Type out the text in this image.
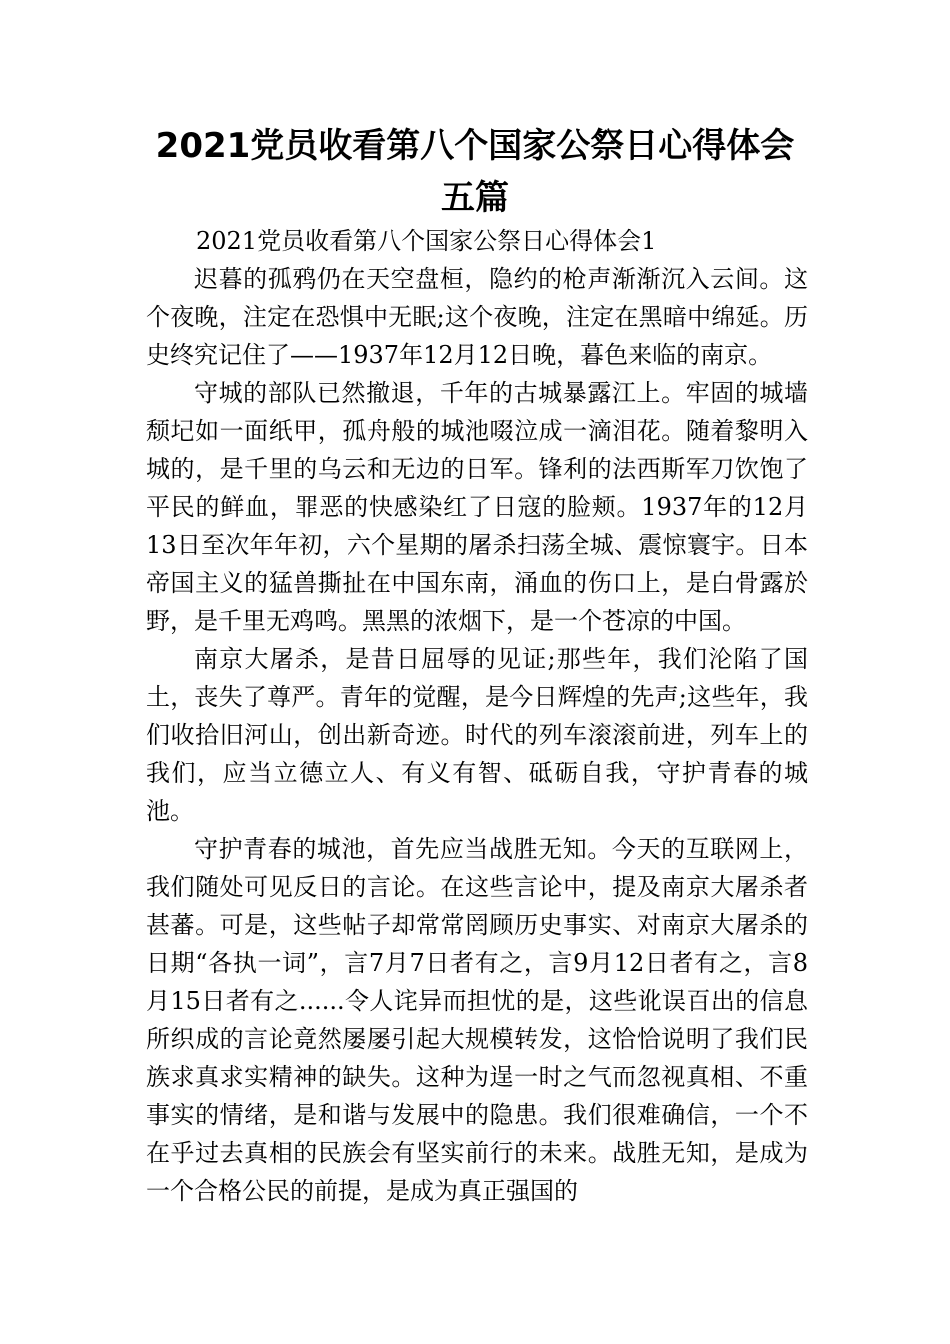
2021党员收看第八个国家公祭日心得体会五篇

2021党员收看第八个国家公祭日心得体会1

迟暮的孤鸦仍在天空盘桓，隐约的枪声渐渐沉入云间。这个夜晚，注定在恐惧中无眠;这个夜晚，注定在黑暗中绵延。历史终究记住了——1937年12月12日晚，暮色来临的南京。

守城的部队已然撤退，千年的古城暴露江上。牢固的城墙颓圮如一面纸甲，孤舟般的城池啜泣成一滴泪花。随着黎明入城的，是千里的乌云和无边的日军。锋利的法西斯军刀饮饱了平民的鲜血，罪恶的快感染红了日寇的脸颊。1937年的12月13日至次年年初，六个星期的屠杀扫荡全城、震惊寰宇。日本帝国主义的猛兽撕扯在中国东南，涌血的伤口上，是白骨露於野，是千里无鸡鸣。黑黑的浓烟下，是一个苍凉的中国。

南京大屠杀，是昔日屈辱的见证;那些年，我们沦陷了国土，丧失了尊严。青年的觉醒，是今日辉煌的先声;这些年，我们收拾旧河山，创出新奇迹。时代的列车滚滚前进，列车上的我们，应当立德立人、有义有智、砥砺自我，守护青春的城池。

守护青春的城池，首先应当战胜无知。今天的互联网上，我们随处可见反日的言论。在这些言论中，提及南京大屠杀者甚蕃。可是，这些帖子却常常罔顾历史事实、对南京大屠杀的日期“各执一词”，言7月7日者有之，言9月12日者有之，言8月15日者有之......令人诧异而担忧的是，这些讹误百出的信息所织成的言论竟然屡屡引起大规模转发，这恰恰说明了我们民族求真求实精神的缺失。这种为逞一时之气而忽视真相、不重事实的情绪，是和谐与发展中的隐患。我们很难确信，一个不在乎过去真相的民族会有坚实前行的未来。战胜无知，是成为一个合格公民的前提，是成为真正强国的
